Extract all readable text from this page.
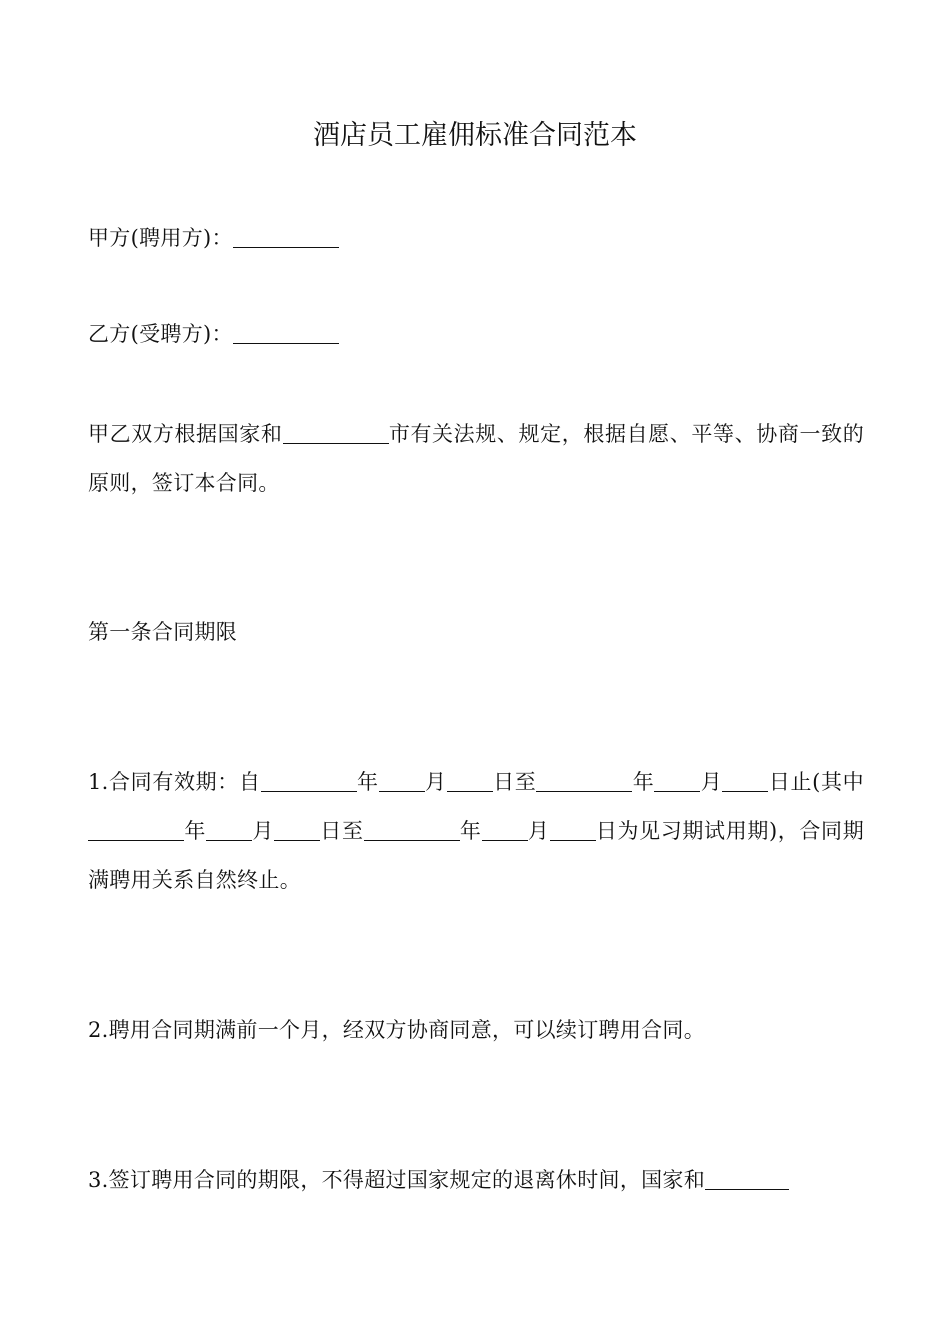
酒店员工雇佣标准合同范本

甲方(聘用方)：

乙方(受聘方)：

甲乙双方根据国家和	市有关法规、规定，根据自愿、平等、协商一致的原则，签订本合同。

第一条合同期限

1.合同有效期：自	年 月 日至	年 月 日止(其中年 月 日至	年 月 日为见习期试用期)，合同期满聘用关系自然终止。

2.聘用合同期满前一个月，经双方协商同意，可以续订聘用合同。

3.签订聘用合同的期限，不得超过国家规定的退离休时间，国家和
